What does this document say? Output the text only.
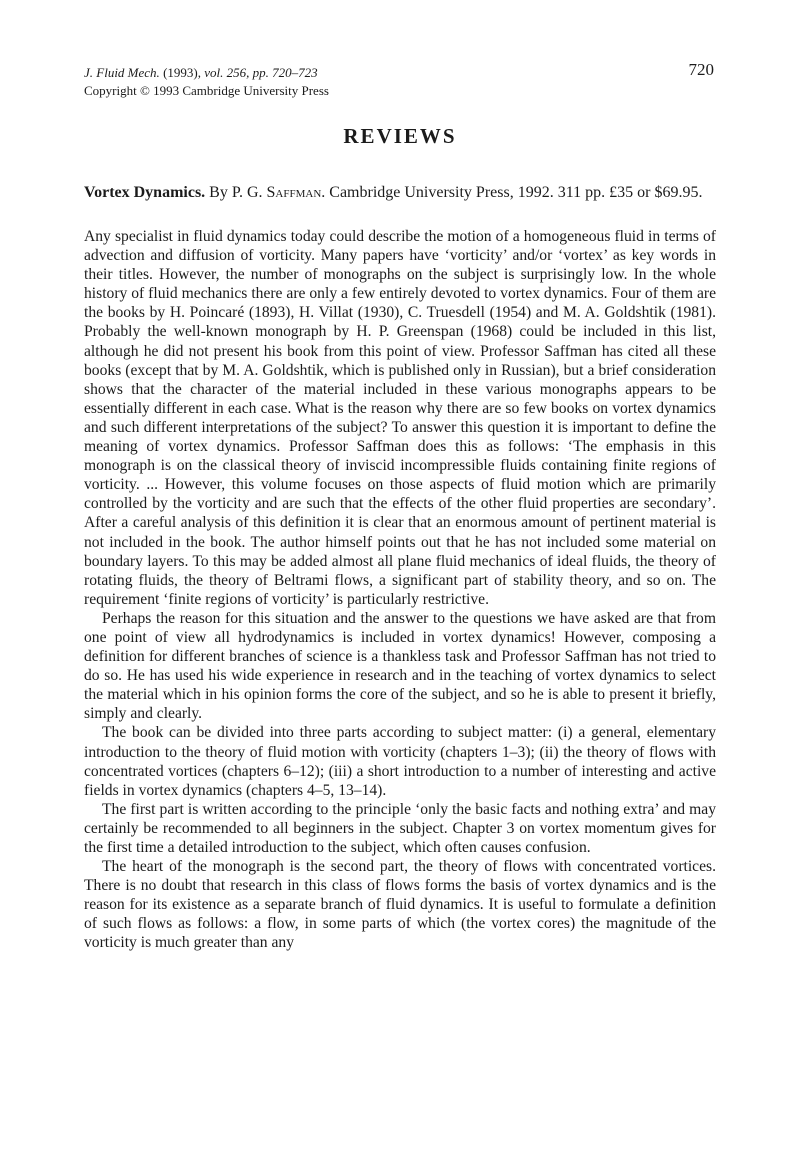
J. Fluid Mech. (1993), vol. 256, pp. 720–723
Copyright © 1993 Cambridge University Press
720
REVIEWS
Vortex Dynamics. By P. G. Saffman. Cambridge University Press, 1992. 311 pp. £35 or $69.95.

Any specialist in fluid dynamics today could describe the motion of a homogeneous fluid in terms of advection and diffusion of vorticity. Many papers have ‘vorticity’ and/or ‘vortex’ as key words in their titles. However, the number of monographs on the subject is surprisingly low. In the whole history of fluid mechanics there are only a few entirely devoted to vortex dynamics. Four of them are the books by H. Poincaré (1893), H. Villat (1930), C. Truesdell (1954) and M. A. Goldshtik (1981). Probably the well-known monograph by H. P. Greenspan (1968) could be included in this list, although he did not present his book from this point of view. Professor Saffman has cited all these books (except that by M. A. Goldshtik, which is published only in Russian), but a brief consideration shows that the character of the material included in these various monographs appears to be essentially different in each case. What is the reason why there are so few books on vortex dynamics and such different interpretations of the subject? To answer this question it is important to define the meaning of vortex dynamics. Professor Saffman does this as follows: ‘The emphasis in this monograph is on the classical theory of inviscid incompressible fluids containing finite regions of vorticity. ... However, this volume focuses on those aspects of fluid motion which are primarily controlled by the vorticity and are such that the effects of the other fluid properties are secondary’. After a careful analysis of this definition it is clear that an enormous amount of pertinent material is not included in the book. The author himself points out that he has not included some material on boundary layers. To this may be added almost all plane fluid mechanics of ideal fluids, the theory of rotating fluids, the theory of Beltrami flows, a significant part of stability theory, and so on. The requirement ‘finite regions of vorticity’ is particularly restrictive.

Perhaps the reason for this situation and the answer to the questions we have asked are that from one point of view all hydrodynamics is included in vortex dynamics! However, composing a definition for different branches of science is a thankless task and Professor Saffman has not tried to do so. He has used his wide experience in research and in the teaching of vortex dynamics to select the material which in his opinion forms the core of the subject, and so he is able to present it briefly, simply and clearly.

The book can be divided into three parts according to subject matter: (i) a general, elementary introduction to the theory of fluid motion with vorticity (chapters 1–3); (ii) the theory of flows with concentrated vortices (chapters 6–12); (iii) a short introduction to a number of interesting and active fields in vortex dynamics (chapters 4–5, 13–14).

The first part is written according to the principle ‘only the basic facts and nothing extra’ and may certainly be recommended to all beginners in the subject. Chapter 3 on vortex momentum gives for the first time a detailed introduction to the subject, which often causes confusion.

The heart of the monograph is the second part, the theory of flows with concentrated vortices. There is no doubt that research in this class of flows forms the basis of vortex dynamics and is the reason for its existence as a separate branch of fluid dynamics. It is useful to formulate a definition of such flows as follows: a flow, in some parts of which (the vortex cores) the magnitude of the vorticity is much greater than any
